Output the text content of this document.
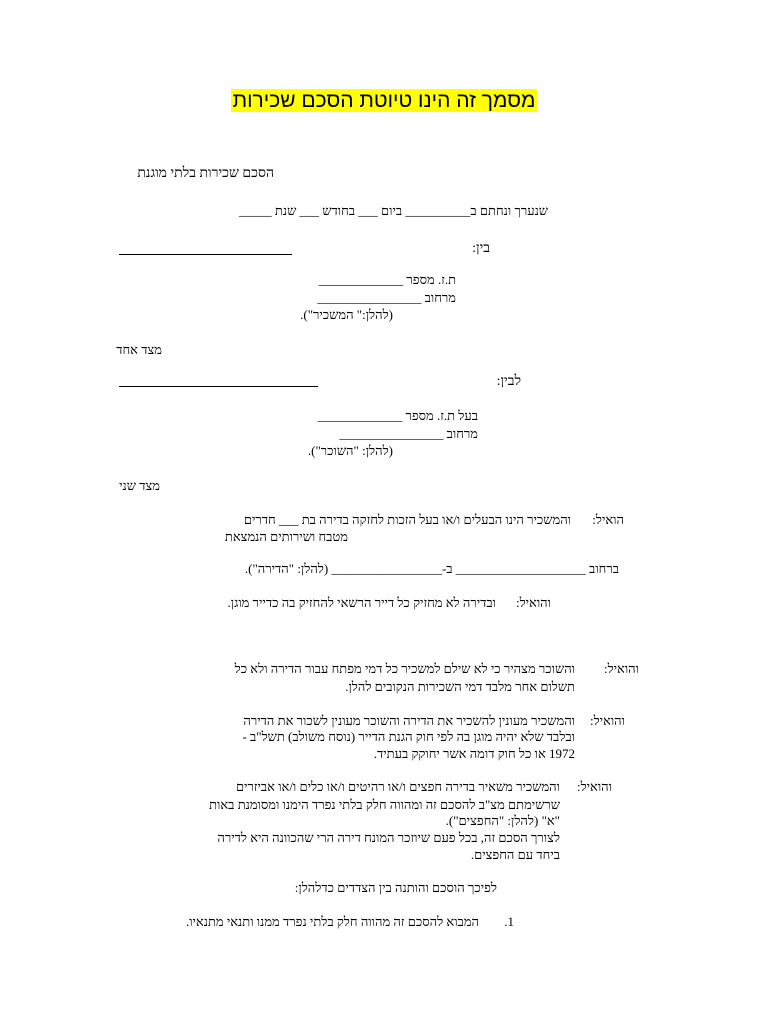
מסמך זה הינו טיוטת הסכם שכירות
הסכם שכירות בלתי מוגנת
שנערך ונחתם ב__________ ביום ___ בחודש ___ שנת _____
בין:
ת.ז. מספר _____________
מרחוב ________________
(להלן:" המשכיר").
מצד אחד
לבין:
בעל ת.ז. מספר _____________
מרחוב ________________
(להלן: "השוכר").
מצד שני
הואיל:
והמשכיר הינו הבעלים ו/או בעל הזכות לחזקה בדירה בת ___ חדרים
מטבח ושירותים הנמצאת
ברחוב ____________________ ב-_________________ (להלן: "הדירה").
והואיל:
ובדירה לא מחזיק כל דייר הרשאי להחזיק בה כדייר מוגן.
והואיל:
והשוכר מצהיר כי לא שילם למשכיר כל דמי מפתח עבור הדירה ולא כל
תשלום אחר מלבד דמי השכירות הנקובים להלן.
והואיל:
והמשכיר מעונין להשכיר את הדירה והשוכר מעונין לשכור את הדירה
ובלבד שלא יהיה מוגן בה לפי חוק הגנת הדייר (נוסח משולב) תשל"ב -
1972 או כל חוק דומה אשר יחוקק בעתיד.
והואיל:
והמשכיר משאיר בדירה חפצים ו/או רהיטים ו/או כלים ו/או אביזרים
שרשימתם מצ"ב להסכם זה ומהווה חלק בלתי נפרד הימנו ומסומנת באות
"א" (להלן: "החפצים").
לצורך הסכם זה, בכל פעם שיוזכר המונח דירה הרי שהכוונה היא לדירה
ביחד עם החפצים.
לפיכך הוסכם והותנה בין הצדדים כדלהלן:
1.
המבוא להסכם זה מהווה חלק בלתי נפרד ממנו ותנאי מתנאיו.
